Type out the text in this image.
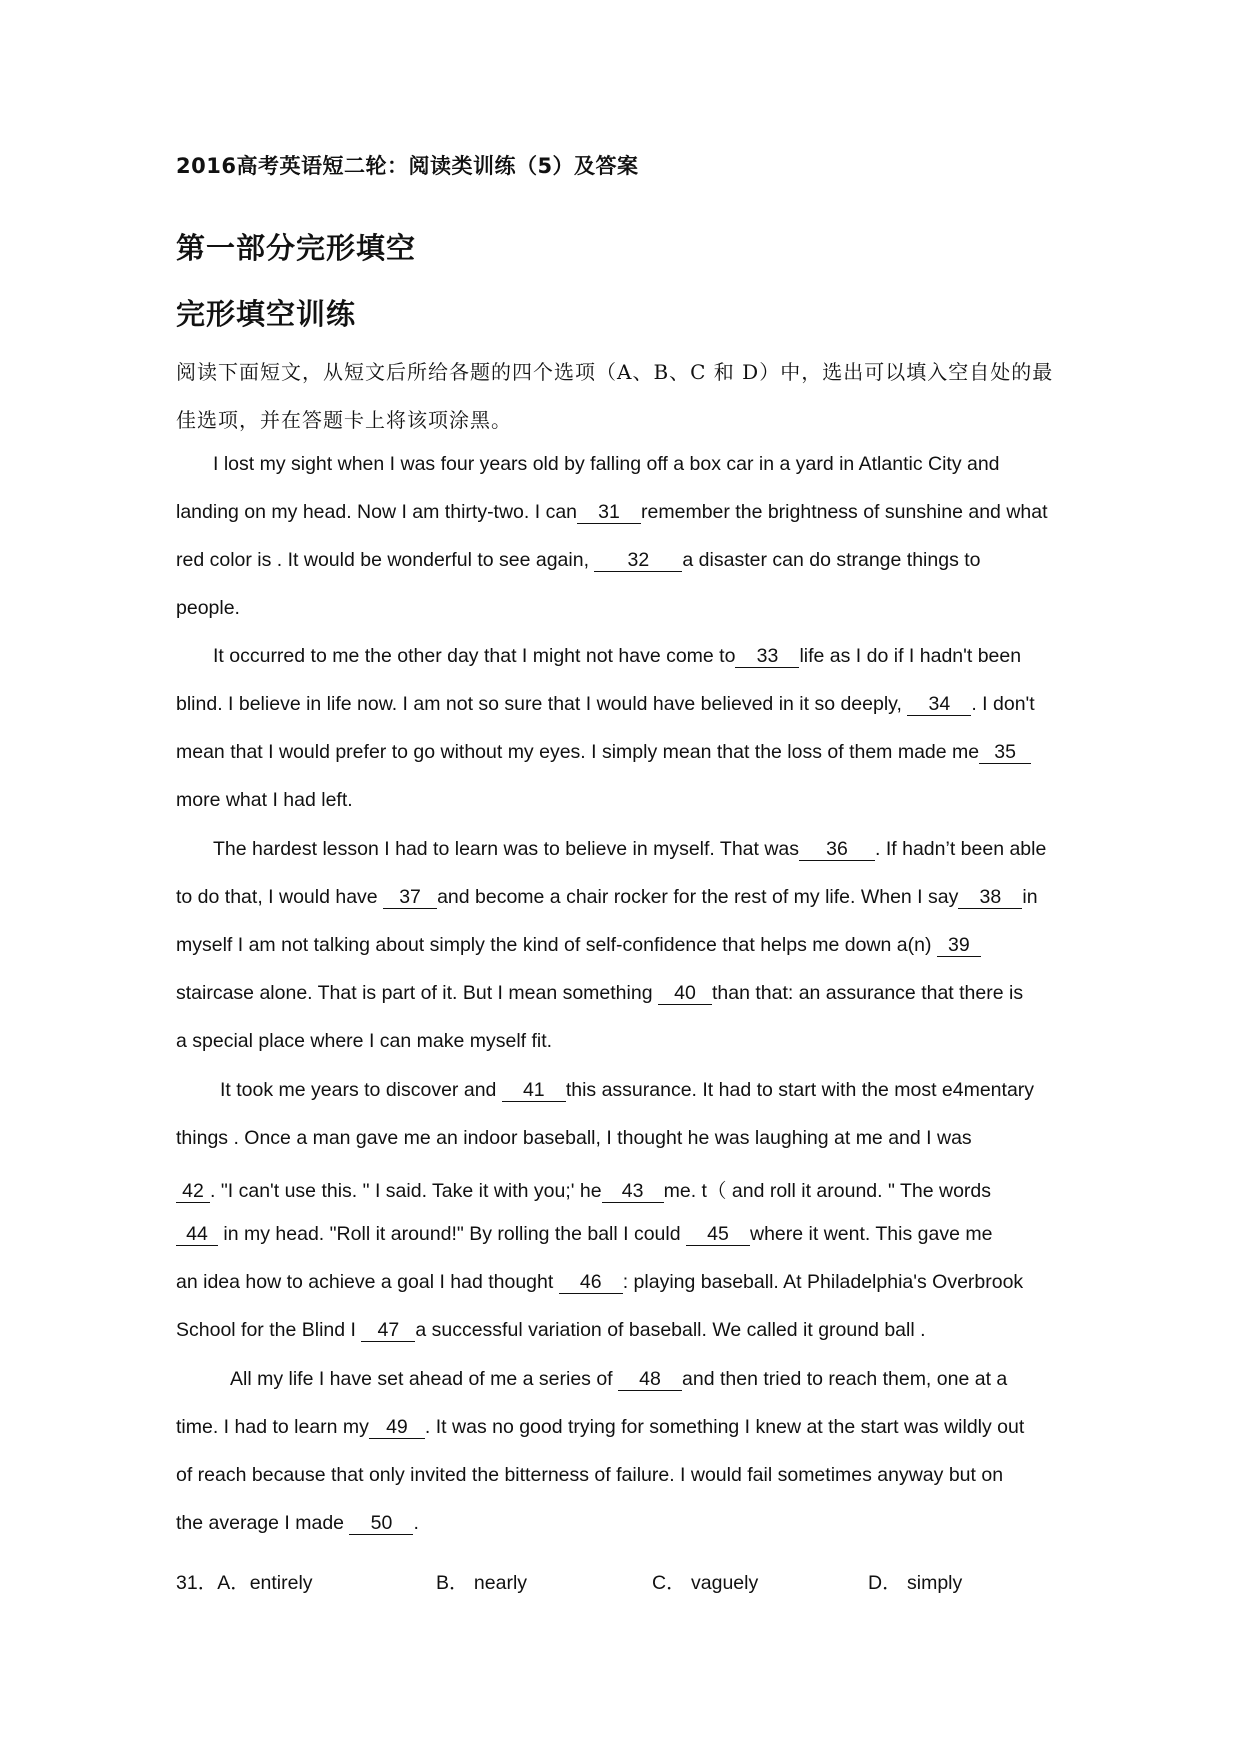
2016高考英语短二轮：阅读类训练（5）及答案
第一部分完形填空
完形填空训练
阅读下面短文，从短文后所给各题的四个选项（A、B、C 和 D）中，选出可以填入空自处的最
佳选项，并在答题卡上将该项涂黑。
I lost my sight when I was four years old by falling off a box car in a yard in Atlantic City and
landing on my head. Now I am thirty-two. I can 31 remember the brightness of sunshine and what
red color is . It would be wonderful to see again, 32 a disaster can do strange things to
people.
It occurred to me the other day that I might not have come to 33 life as I do if I hadn't been
blind. I believe in life now. I am not so sure that I would have believed in it so deeply, 34 . I don't
mean that I would prefer to go without my eyes. I simply mean that the loss of them made me 35
more what I had left.
The hardest lesson I had to learn was to believe in myself. That was 36 . If hadn’t been able
to do that, I would have 37 and become a chair rocker for the rest of my life. When I say 38 in
myself I am not talking about simply the kind of self-confidence that helps me down a(n) 39
staircase alone. That is part of it. But I mean something 40 than that: an assurance that there is
a special place where I can make myself fit.
It took me years to discover and 41 this assurance. It had to start with the most e4mentary
things . Once a man gave me an indoor baseball, I thought he was laughing at me and I was
42 . "I can't use this. " I said. Take it with you;' he 43 me. t（ and roll it around. " The words
44 in my head. "Roll it around!" By rolling the ball I could 45 where it went. This gave me
an idea how to achieve a goal I had thought 46 : playing baseball. At Philadelphia's Overbrook
School for the Blind I 47 a successful variation of baseball. We called it ground ball .
All my life I have set ahead of me a series of 48 and then tried to reach them, one at a
time. I had to learn my 49 . It was no good trying for something I knew at the start was wildly out
of reach because that only invited the bitterness of failure. I would fail sometimes anyway but on
the average I made 50 .
31．A．entirely	B． nearly	C． vaguely	D． simply
